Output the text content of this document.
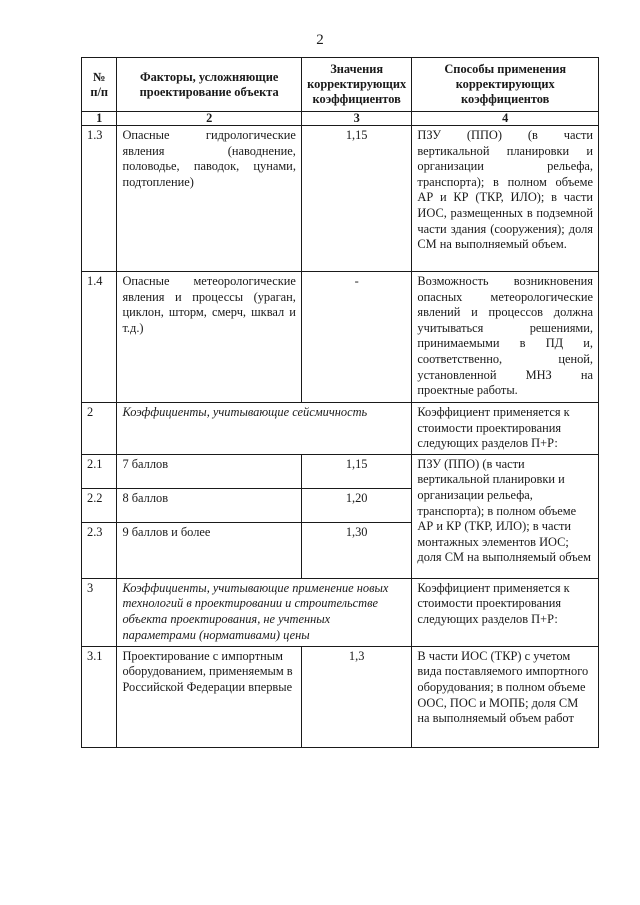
2
№ п/п	Факторы, усложняющие проектирование объекта	Значения корректирующих коэффициентов	Способы применения корректирующих коэффициентов
1	2	3	4
1.3	Опасные гидрологические явления (наводнение, половодье, паводок, цунами, подтопление)	1,15	ПЗУ (ППО) (в части вертикальной планировки и организации рельефа, транспорта); в полном объеме АР и КР (ТКР, ИЛО); в части ИОС, размещенных в подземной части здания (сооружения); доля СМ на выполняемый объем.
1.4	Опасные метеорологические явления и процессы (ураган, циклон, шторм, смерч, шквал и т.д.)	-	Возможность возникновения опасных метеорологические явлений и процессов должна учитываться решениями, принимаемыми в ПД и, соответственно, ценой, установленной МНЗ на проектные работы.
2	Коэффициенты, учитывающие сейсмичность		Коэффициент применяется к стоимости проектирования следующих разделов П+Р:
2.1	7 баллов	1,15	ПЗУ (ППО) (в части вертикальной планировки и организации рельефа, транспорта); в полном объеме АР и КР (ТКР, ИЛО); в части монтажных элементов ИОС; доля СМ на выполняемый объем
2.2	8 баллов	1,20	
2.3	9 баллов и более	1,30	
3	Коэффициенты, учитывающие применение новых технологий в проектировании и строительстве объекта проектирования, не учтенных параметрами (нормативами) цены		Коэффициент применяется к стоимости проектирования следующих разделов П+Р:
3.1	Проектирование с импортным оборудованием, применяемым в Российской Федерации впервые	1,3	В части ИОС (ТКР) с учетом вида поставляемого импортного оборудования; в полном объеме ООС, ПОС и МОПБ; доля СМ на выполняемый объем работ
